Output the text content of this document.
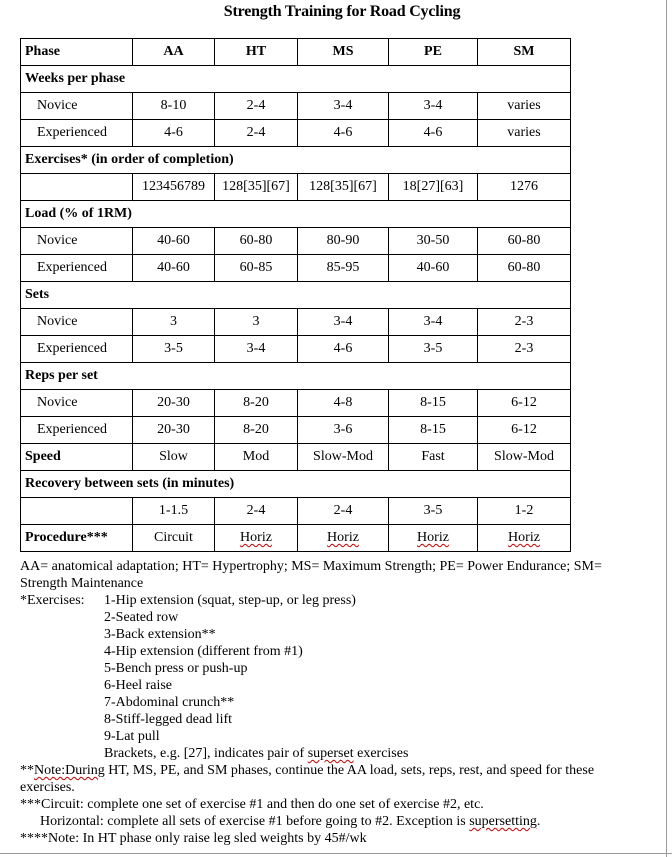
Strength Training for Road Cycling
Phase	AA	HT	MS	PE	SM
Weeks per phase					
Novice	8-10	2-4	3-4	3-4	varies
Experienced	4-6	2-4	4-6	4-6	varies
Exercises* (in order of completion)					
	123456789	128[35][67]	128[35][67]	18[27][63]	1276
Load (% of 1RM)					
Novice	40-60	60-80	80-90	30-50	60-80
Experienced	40-60	60-85	85-95	40-60	60-80
Sets					
Novice	3	3	3-4	3-4	2-3
Experienced	3-5	3-4	4-6	3-5	2-3
Reps per set					
Novice	20-30	8-20	4-8	8-15	6-12
Experienced	20-30	8-20	3-6	8-15	6-12
Speed	Slow	Mod	Slow-Mod	Fast	Slow-Mod
Recovery between sets (in minutes)					
	1-1.5	2-4	2-4	3-5	1-2
Procedure***	Circuit	Horiz	Horiz	Horiz	Horiz
AA= anatomical adaptation; HT= Hypertrophy; MS= Maximum Strength; PE= Power Endurance; SM=
Strength Maintenance
*Exercises:	1-Hip extension (squat, step-up, or leg press)
2-Seated row
3-Back extension**
4-Hip extension (different from #1)
5-Bench press or push-up
6-Heel raise
7-Abdominal crunch**
8-Stiff-legged dead lift
9-Lat pull
Brackets, e.g. [27], indicates pair of superset exercises
**Note:During HT, MS, PE, and SM phases, continue the AA load, sets, reps, rest, and speed for these
exercises.
***Circuit: complete one set of exercise #1 and then do one set of exercise #2, etc.
Horizontal: complete all sets of exercise #1 before going to #2. Exception is supersetting.
****Note: In HT phase only raise leg sled weights by 45#/wk
